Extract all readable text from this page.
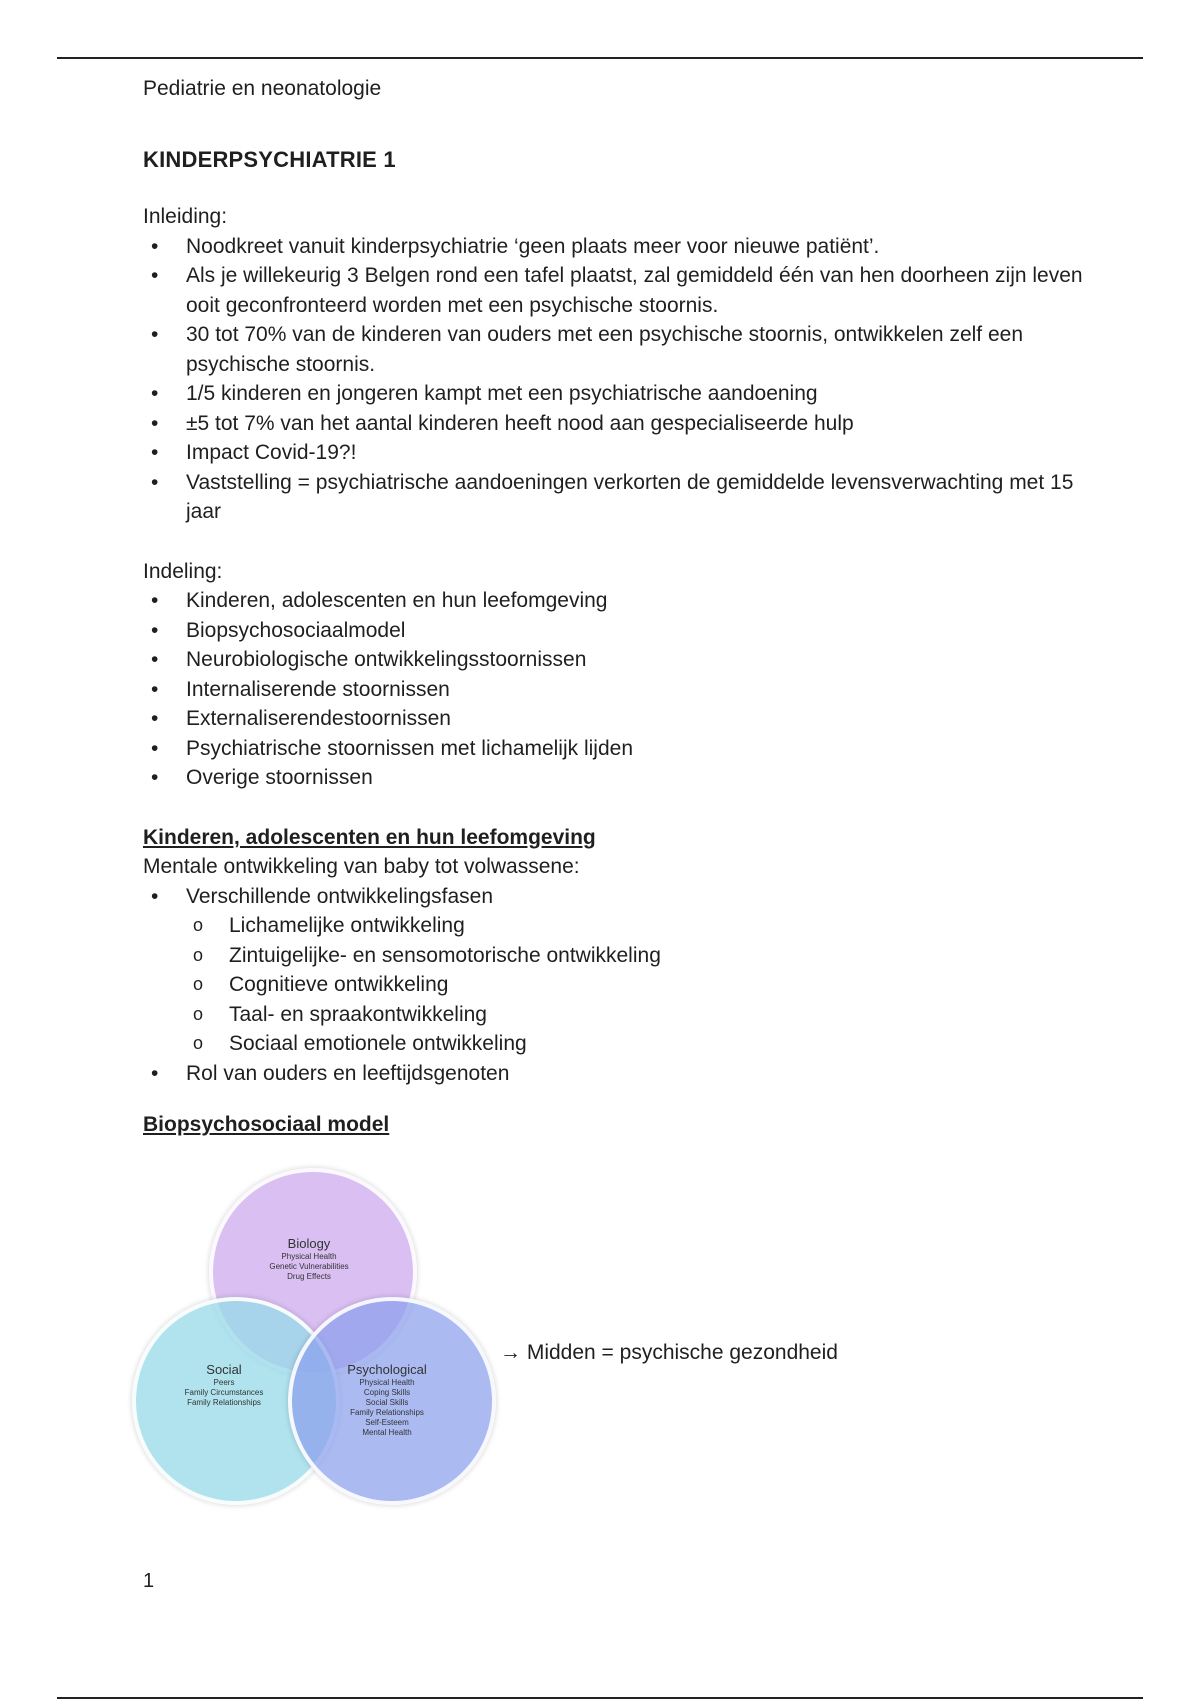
Pediatrie en neonatologie

KINDERPSYCHIATRIE 1

Inleiding:

• Noodkreet vanuit kinderpsychiatrie ‘geen plaats meer voor nieuwe patiënt’.
• Als je willekeurig 3 Belgen rond een tafel plaatst, zal gemiddeld één van hen doorheen zijn leven ooit geconfronteerd worden met een psychische stoornis.
• 30 tot 70% van de kinderen van ouders met een psychische stoornis, ontwikkelen zelf een psychische stoornis.
• 1/5 kinderen en jongeren kampt met een psychiatrische aandoening
• ±5 tot 7% van het aantal kinderen heeft nood aan gespecialiseerde hulp
• Impact Covid-19?!
• Vaststelling = psychiatrische aandoeningen verkorten de gemiddelde levensverwachting met 15 jaar

Indeling:

• Kinderen, adolescenten en hun leefomgeving
• Biopsychosociaalmodel
• Neurobiologische ontwikkelingsstoornissen
• Internaliserende stoornissen
• Externaliserendestoornissen
• Psychiatrische stoornissen met lichamelijk lijden
• Overige stoornissen

Kinderen, adolescenten en hun leefomgeving

Mentale ontwikkeling van baby tot volwassene:

• Verschillende ontwikkelingsfasen
o Lichamelijke ontwikkeling
o Zintuigelijke- en sensomotorische ontwikkeling
o Cognitieve ontwikkeling
o Taal- en spraakontwikkeling
o Sociaal emotionele ontwikkeling
• Rol van ouders en leeftijdsgenoten

Biopsychosociaal model

Biology
Physical Health
Genetic Vulnerabilities
Drug Effects
Social
Peers
Family Circumstances
Family Relationships
Psychological
Physical Health
Coping Skills
Social Skills
Family Relationships
Self-Esteem
Mental Health
→ Midden = psychische gezondheid
1
